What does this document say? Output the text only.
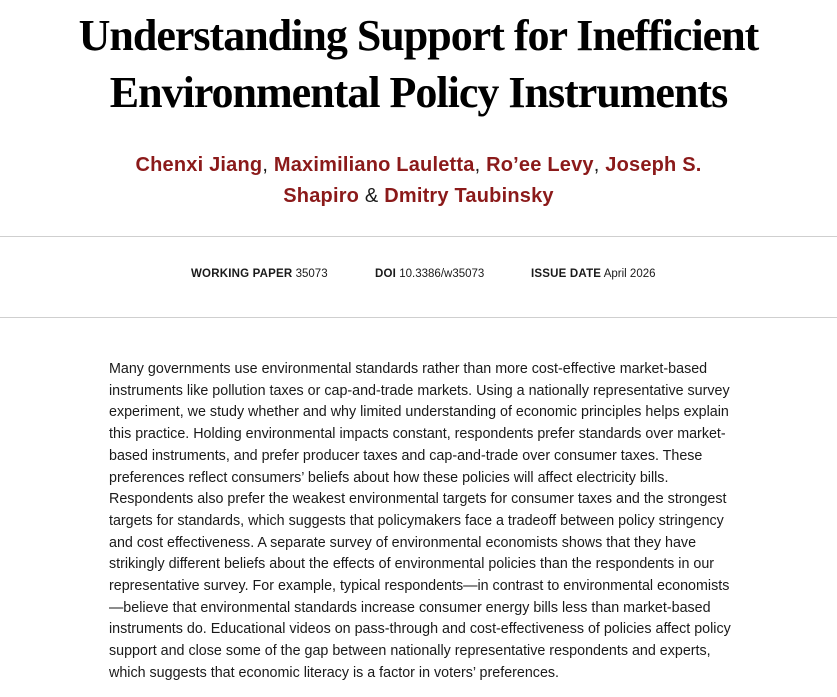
Understanding Support for Inefficient
Environmental Policy Instruments
Chenxi Jiang, Maximiliano Lauletta, Ro’ee Levy, Joseph S. Shapiro & Dmitry Taubinsky
WORKING PAPER 35073	DOI 10.3386/w35073	ISSUE DATE April 2026

Many governments use environmental standards rather than more cost-effective market-based instruments like pollution taxes or cap-and-trade markets. Using a nationally representative survey experiment, we study whether and why limited understanding of economic principles helps explain this practice. Holding environmental impacts constant, respondents prefer standards over market-based instruments, and prefer producer taxes and cap-and-trade over consumer taxes. These preferences reflect consumers’ beliefs about how these policies will affect electricity bills. Respondents also prefer the weakest environmental targets for consumer taxes and the strongest targets for standards, which suggests that policymakers face a tradeoff between policy stringency and cost effectiveness. A separate survey of environmental economists shows that they have strikingly different beliefs about the effects of environmental policies than the respondents in our representative survey. For example, typical respondents—in contrast to environmental economists—believe that environmental standards increase consumer energy bills less than market-based instruments do. Educational videos on pass-through and cost-effectiveness of policies affect policy support and close some of the gap between nationally representative respondents and experts, which suggests that economic literacy is a factor in voters’ preferences.
